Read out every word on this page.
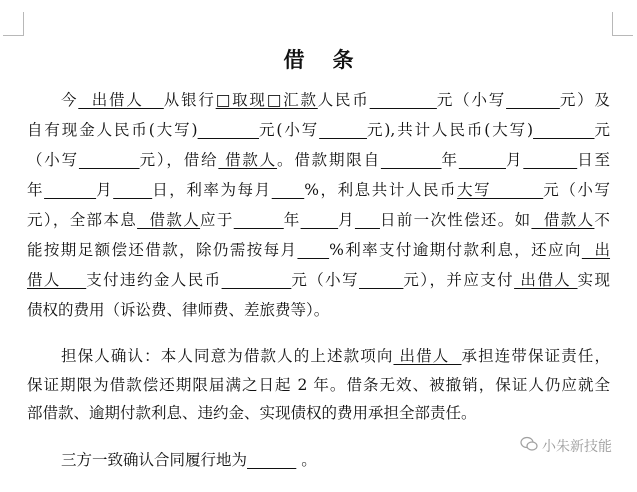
借条
今  出借人   从银行□取现□汇款人民币	元（小写	元）及
自有现金人民币(大写)	元(小写	元),共计人民币(大写)	元
（小写	元），借给 借款人。借款期限自	年	月	日至
年	月	日，利率为每月 %，利息共计人民币大写        元（小写
元），全部本息  借款人应于	年 月 日前一次性偿还。如  借款人不
能按期足额偿还借款，除仍需按每月 %利率支付逾期付款利息，还应向  出
借人    支付违约金人民币	元（小写	元），并应支付 出借人 实现
债权的费用（诉讼费、律师费、差旅费等）。
担保人确认：本人同意为借款人的上述款项向 出借人  承担连带保证责任，
保证期限为借款偿还期限届满之日起 2 年。借条无效、被撤销，保证人仍应就全
部借款、逾期付款利息、违约金、实现债权的费用承担全部责任。
三方一致确认合同履行地为	。
小朱新技能
